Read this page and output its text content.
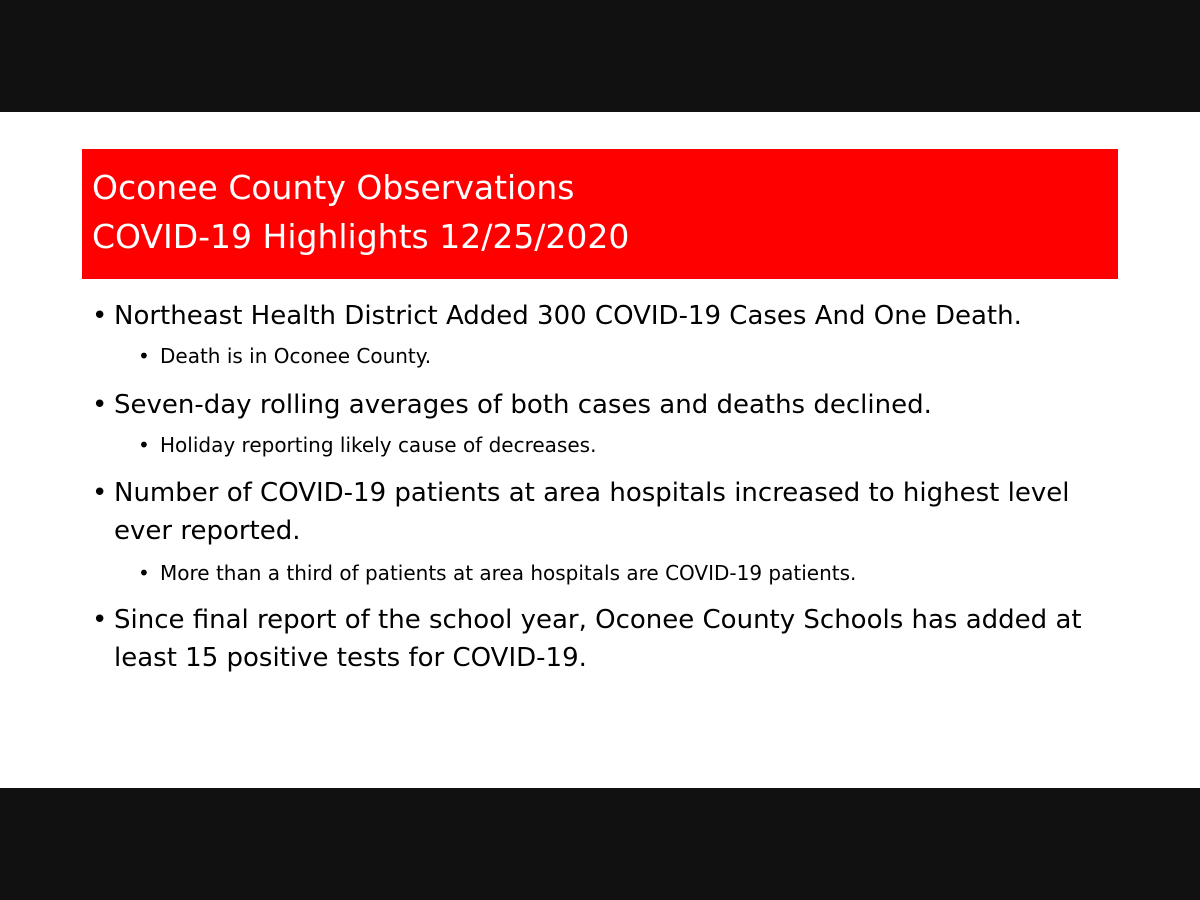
Oconee County Observations
COVID-19 Highlights 12/25/2020
• Northeast Health District Added 300 COVID-19 Cases And One Death.
• Death is in Oconee County.
• Seven-day rolling averages of both cases and deaths declined.
• Holiday reporting likely cause of decreases.
• Number of COVID-19 patients at area hospitals increased to highest level ever reported.
• More than a third of patients at area hospitals are COVID-19 patients.
• Since final report of the school year, Oconee County Schools has added at least 15 positive tests for COVID-19.
